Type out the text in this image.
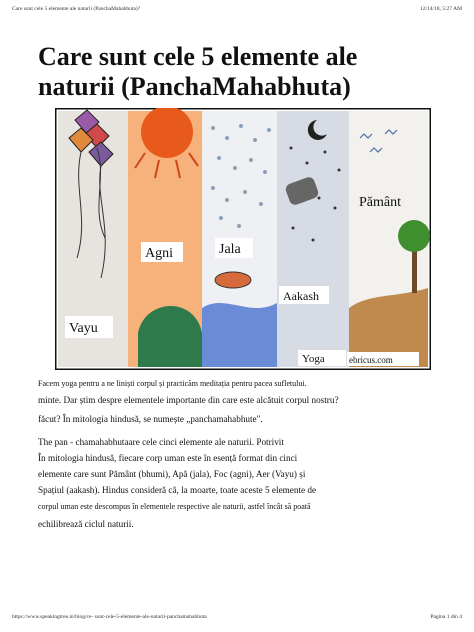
Care sunt cele 5 elemente ale naturii (PanchaMahabhuta)?	12/14/18, 5:27 AM
Care sunt cele 5 elemente ale naturii (PanchaMahabhuta)
Agni	Jala
Vayu
Aakash
Pământ
Yoga	ebricus.com

Facem yoga pentru a ne liniști corpul și practicăm meditația pentru pacea sufletului.

minte. Dar știm despre elementele importante din care este alcătuit corpul nostru?

făcut? În mitologia hindusă, se numește „panchamahabhute".

The pan - chamahabhutaare cele cinci elemente ale naturii. Potrivit

În mitologia hindusă, fiecare corp uman este în esență format din cinci

elemente care sunt Pământ (bhumi), Apă (jala), Foc (agni), Aer (Vayu) și

Spațiul (aakash). Hindus consideră că, la moarte, toate aceste 5 elemente de

corpul uman este descompus în elementele respective ale naturii, astfel încât să poată

echilibrează ciclul naturii.

https://www.speakingtree.in/blog/ce- sunt-cele-5-elemente-ale-naturii-panchamahabhuta	Pagina 1 din 4
